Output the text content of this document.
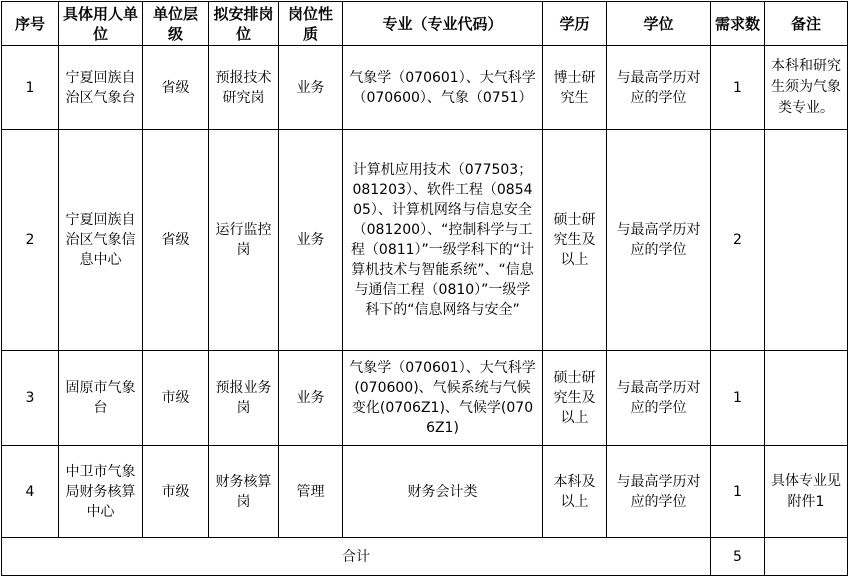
序号	具体用人单位	单位层级	拟安排岗位	岗位性质	专业（专业代码）	学历	学位	需求数	备注
1	宁夏回族自治区气象台	省级	预报技术研究岗	业务	气象学（070601）、大气科学（070600）、气象（0751）	博士研究生	与最高学历对应的学位	1	本科和研究生须为气象类专业。
2	宁夏回族自治区气象信息中心	省级	运行监控岗	业务	计算机应用技术（077503；081203）、软件工程（085405）、计算机网络与信息安全（081200）、“控制科学与工程（0811）”一级学科下的“计算机技术与智能系统”、“信息与通信工程（0810）”一级学科下的“信息网络与安全”	硕士研究生及以上	与最高学历对应的学位	2	
3	固原市气象台	市级	预报业务岗	业务	气象学（070601）、大气科学(070600)、气候系统与气候变化(0706Z1)、气候学(0706Z1)	硕士研究生及以上	与最高学历对应的学位	1	
4	中卫市气象局财务核算中心	市级	财务核算岗	管理	财务会计类	本科及以上	与最高学历对应的学位	1	具体专业见附件1
合计								5	
